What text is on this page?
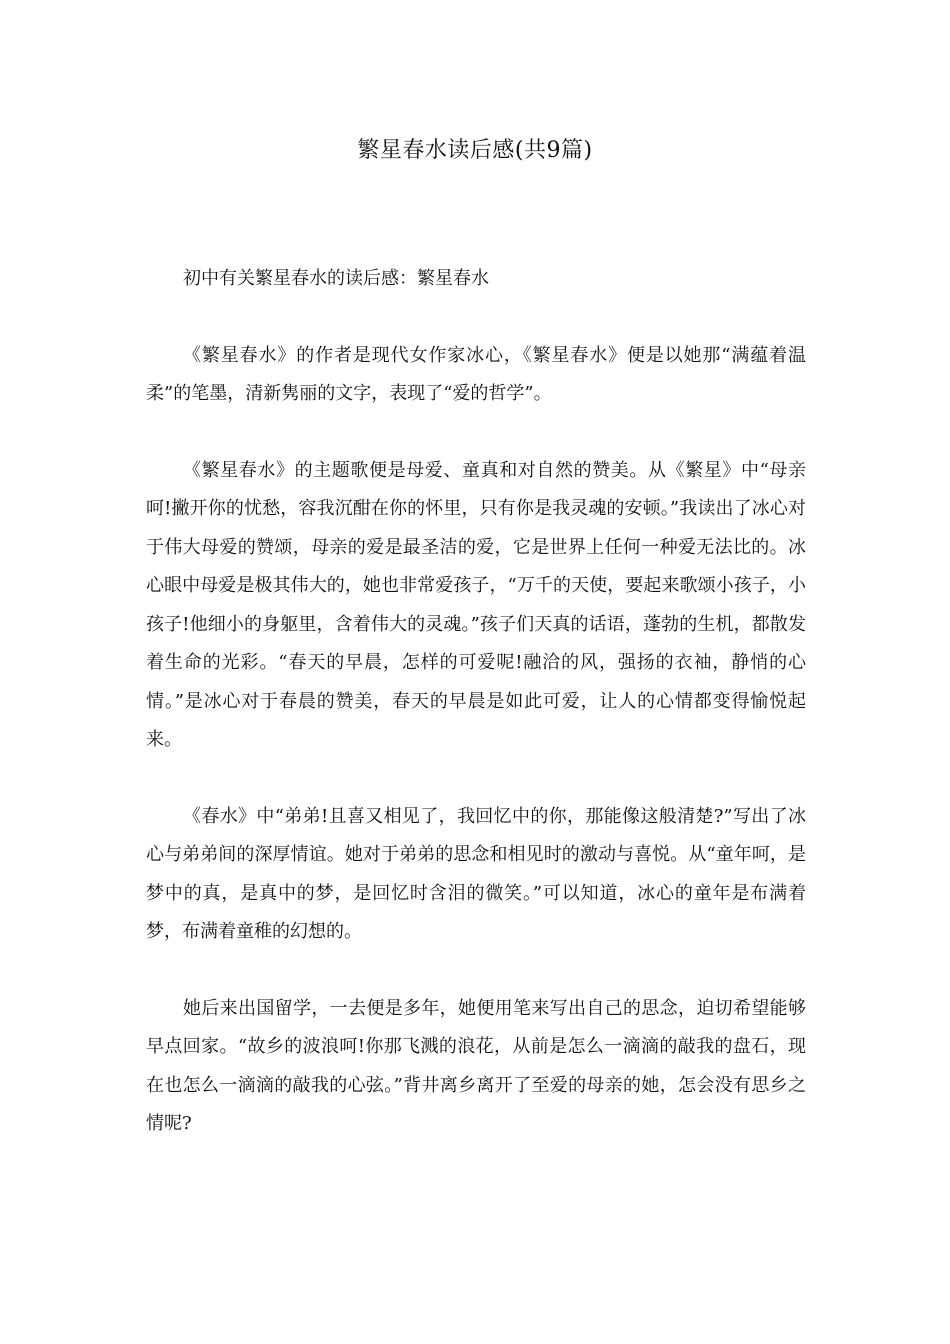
繁星春水读后感(共9篇)

初中有关繁星春水的读后感：繁星春水

《繁星春水》的作者是现代女作家冰心，《繁星春水》便是以她那“满蕴着温柔”的笔墨，清新隽丽的文字，表现了“爱的哲学”。

《繁星春水》的主题歌便是母爱、童真和对自然的赞美。从《繁星》中“母亲呵!撇开你的忧愁，容我沉酣在你的怀里，只有你是我灵魂的安顿。”我读出了冰心对于伟大母爱的赞颂，母亲的爱是最圣洁的爱，它是世界上任何一种爱无法比的。冰心眼中母爱是极其伟大的，她也非常爱孩子，“万千的天使，要起来歌颂小孩子，小孩子!他细小的身躯里，含着伟大的灵魂。”孩子们天真的话语，蓬勃的生机，都散发着生命的光彩。“春天的早晨，怎样的可爱呢!融洽的风，强扬的衣袖，静悄的心情。”是冰心对于春晨的赞美，春天的早晨是如此可爱，让人的心情都变得愉悦起来。

《春水》中“弟弟!且喜又相见了，我回忆中的你，那能像这般清楚?”写出了冰心与弟弟间的深厚情谊。她对于弟弟的思念和相见时的激动与喜悦。从“童年呵，是梦中的真，是真中的梦，是回忆时含泪的微笑。”可以知道，冰心的童年是布满着梦，布满着童稚的幻想的。

她后来出国留学，一去便是多年，她便用笔来写出自己的思念，迫切希望能够早点回家。“故乡的波浪呵!你那飞溅的浪花，从前是怎么一滴滴的敲我的盘石，现在也怎么一滴滴的敲我的心弦。”背井离乡离开了至爱的母亲的她，怎会没有思乡之情呢?
